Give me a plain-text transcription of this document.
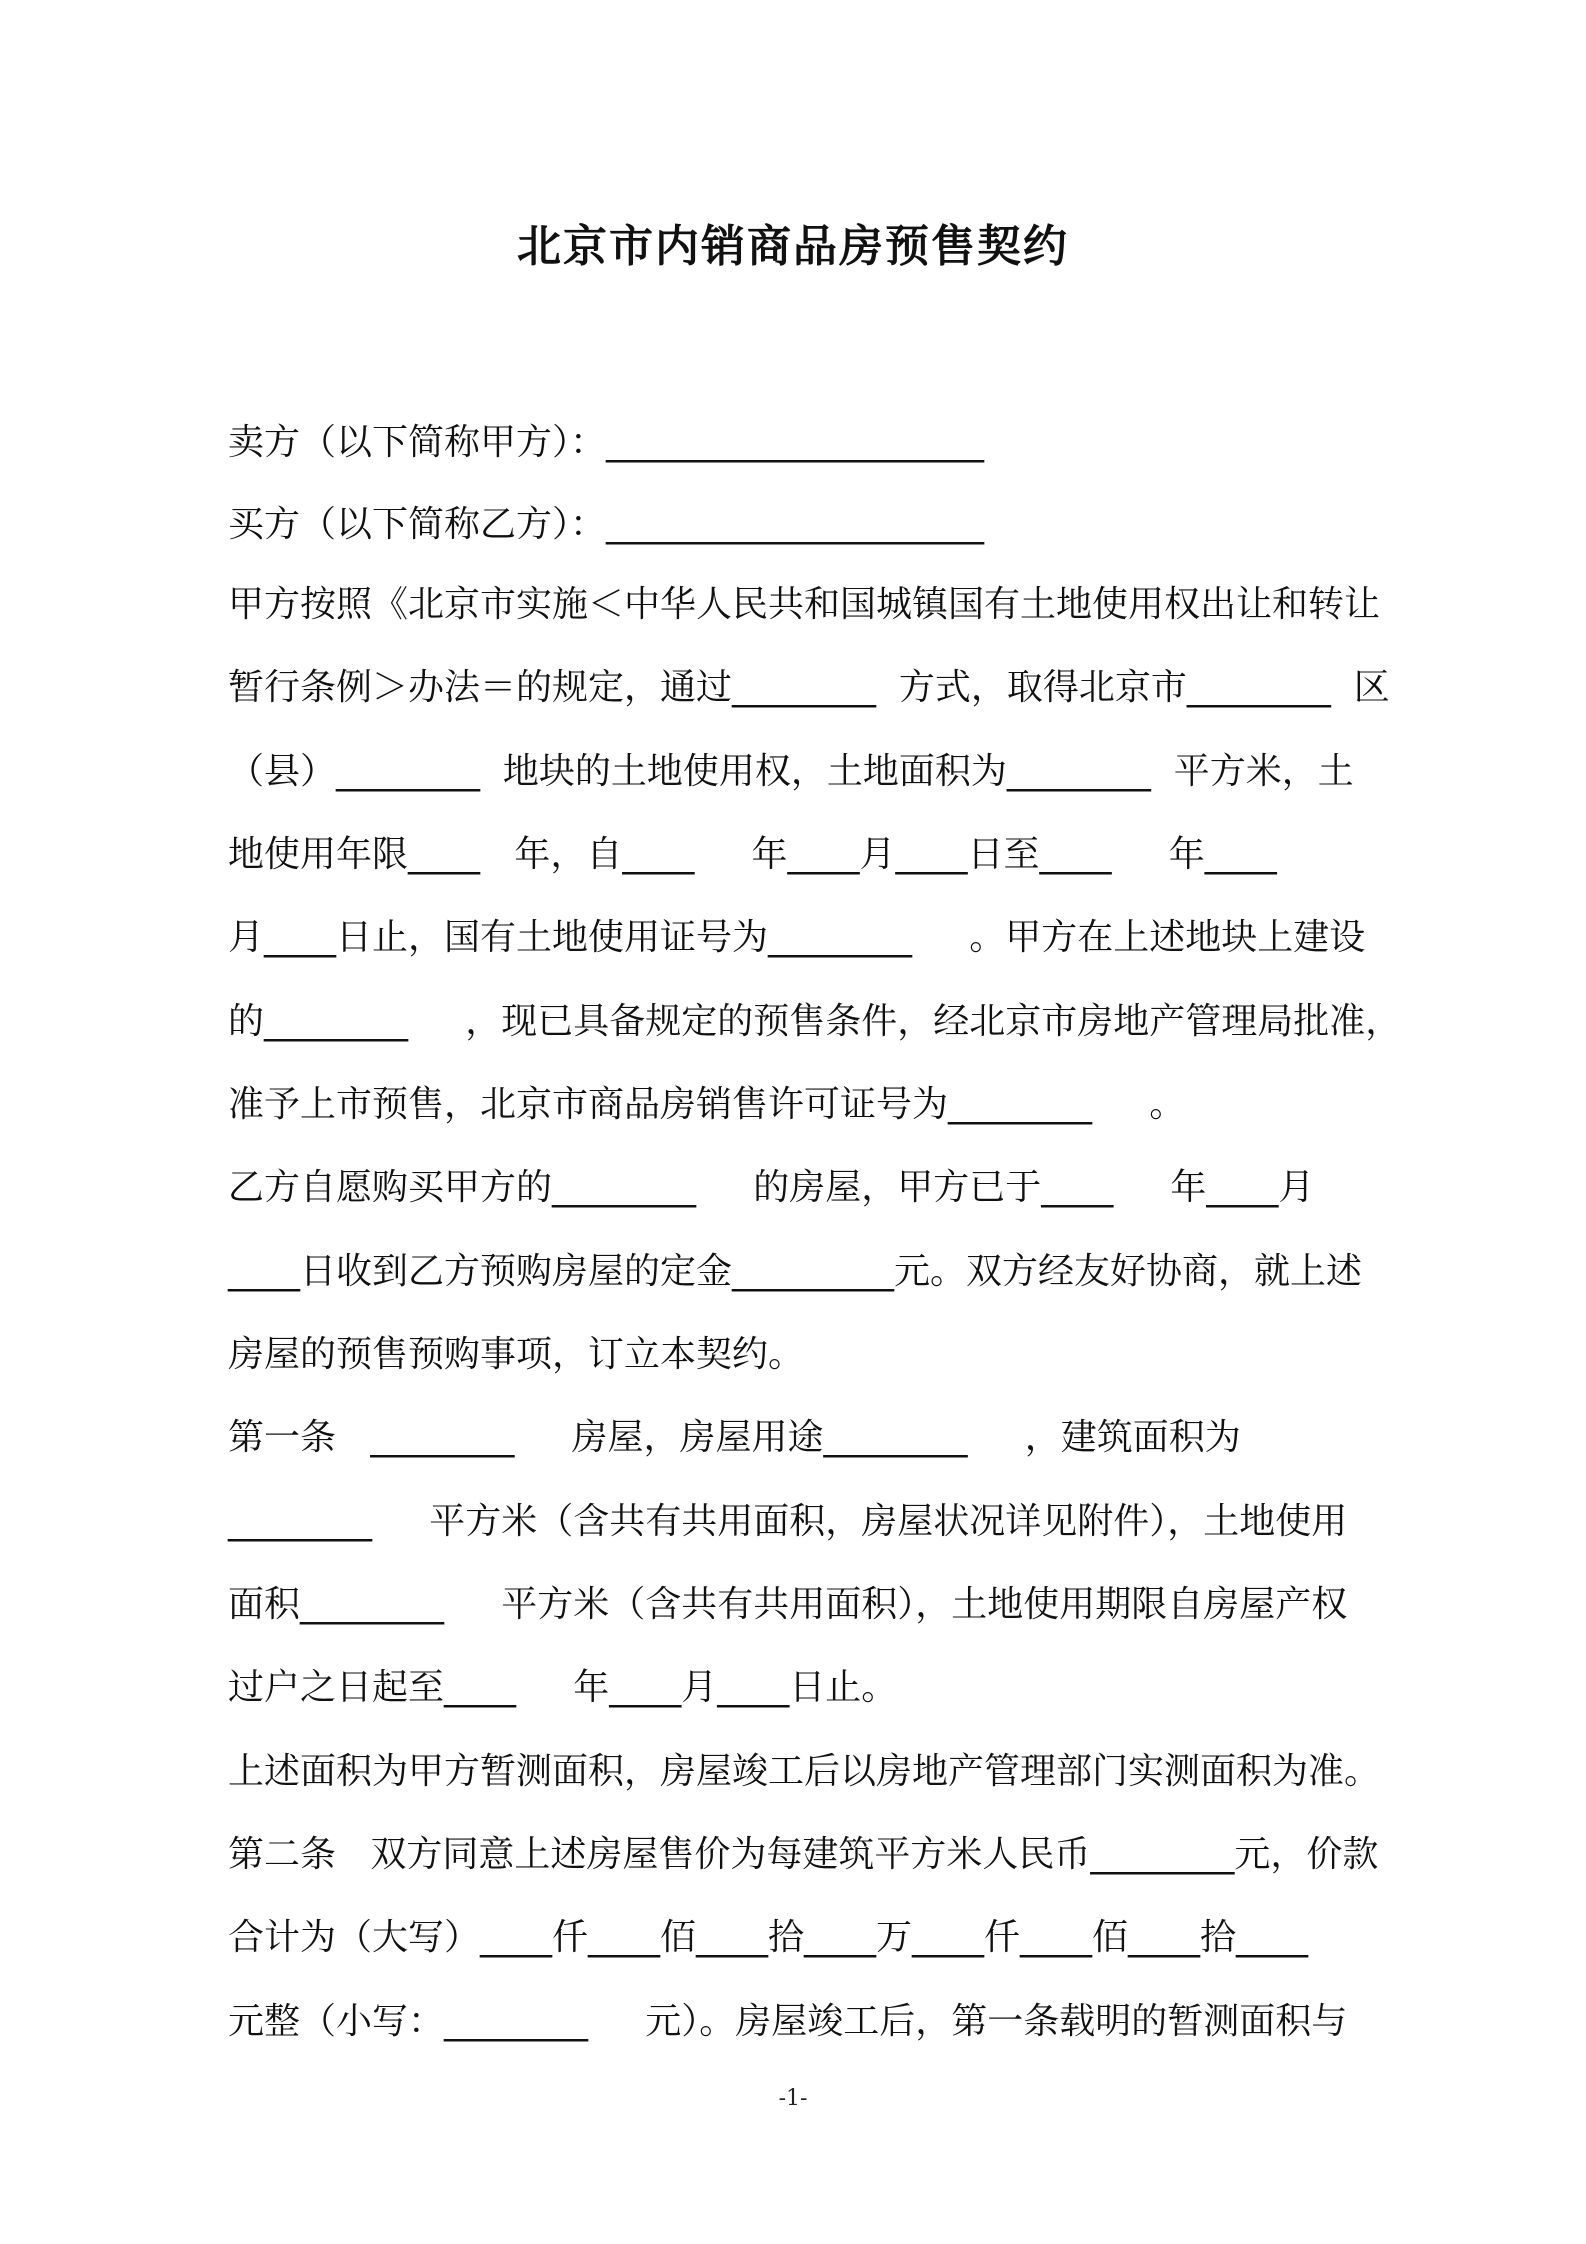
北京市内销商品房预售契约
卖方（以下简称甲方）：_____________________
买方（以下简称乙方）：_____________________
甲方按照《北京市实施＜中华人民共和国城镇国有土地使用权出让和转让
暂行条例＞办法＝的规定，通过________  方式，取得北京市________  区
（县）________  地块的土地使用权，土地面积为________  平方米，土
地使用年限____   年，自____     年____月____日至____     年____
月____日止，国有土地使用证号为________     。甲方在上述地块上建设
的________     ，现已具备规定的预售条件，经北京市房地产管理局批准，
准予上市预售，北京市商品房销售许可证号为________     。
乙方自愿购买甲方的________     的房屋，甲方已于____     年____月
____日收到乙方预购房屋的定金_________元。双方经友好协商，就上述
房屋的预售预购事项，订立本契约。
第一条   ________     房屋，房屋用途________     ，建筑面积为
________     平方米（含共有共用面积，房屋状况详见附件），土地使用
面积________     平方米（含共有共用面积），土地使用期限自房屋产权
过户之日起至____     年____月____日止。
上述面积为甲方暂测面积，房屋竣工后以房地产管理部门实测面积为准。
第二条   双方同意上述房屋售价为每建筑平方米人民币________元，价款
合计为（大写）____仟____佰____拾____万____仟____佰____拾____
元整（小写：________     元）。房屋竣工后，第一条载明的暂测面积与
-1-
